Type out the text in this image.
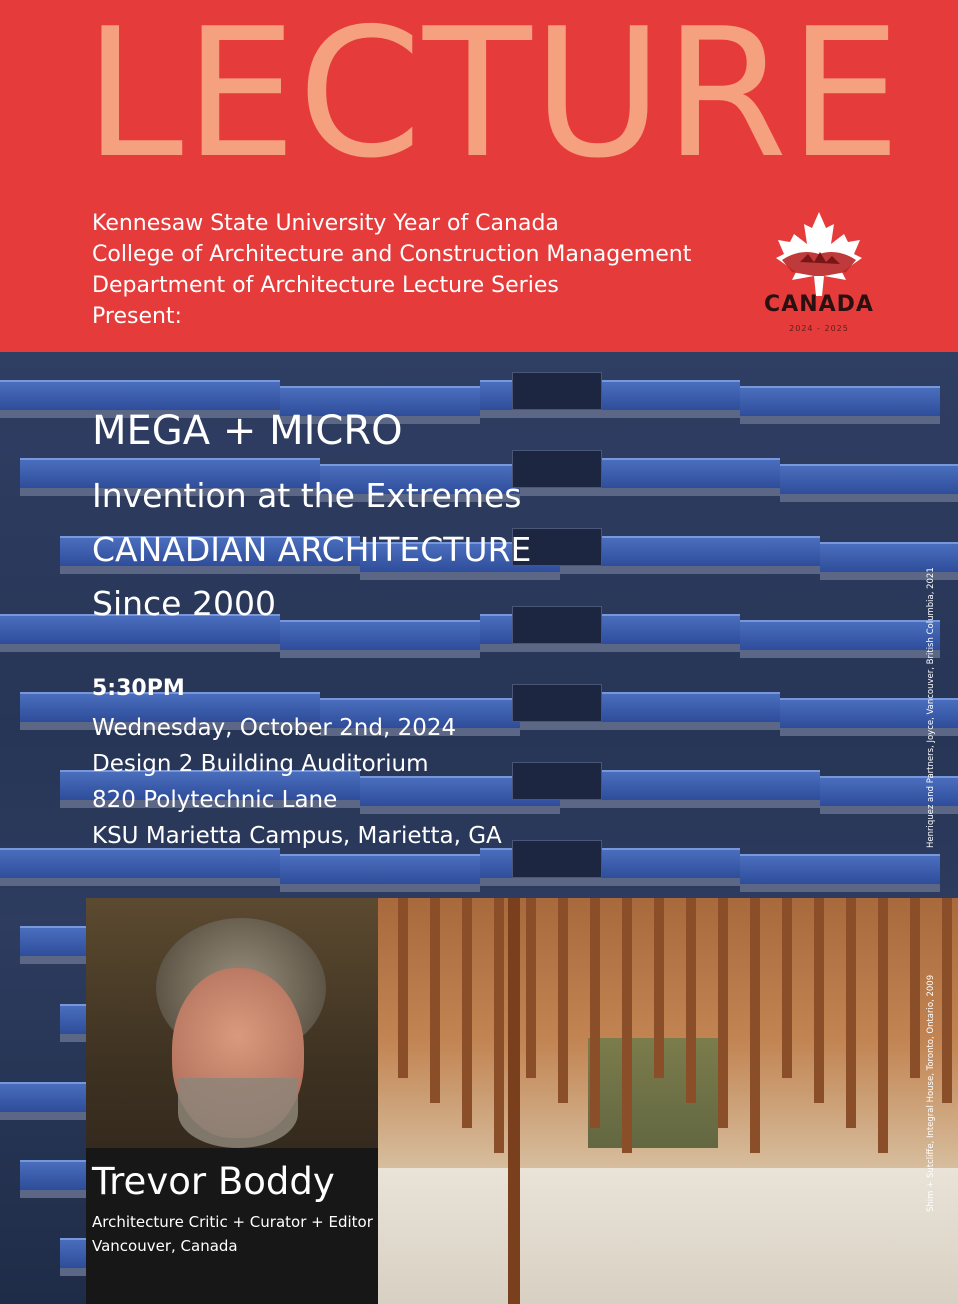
LECTURE
Kennesaw State University Year of Canada
College of Architecture and Construction Management
Department of Architecture Lecture Series
Present:	CANADA
2024 - 2025
MEGA + MICRO
Invention at the Extremes
CANADIAN ARCHITECTURE
Since 2000
5:30PM
Wednesday, October 2nd, 2024
Design 2 Building Auditorium
820 Polytechnic Lane
KSU Marietta Campus, Marietta, GA	Henriquez and Partners, Joyce, Vancouver, British Columbia, 2021
Trevor Boddy
Architecture Critic + Curator + Editor
Vancouver, Canada
Shim + Sutcliffe, Integral House, Toronto, Ontario, 2009
